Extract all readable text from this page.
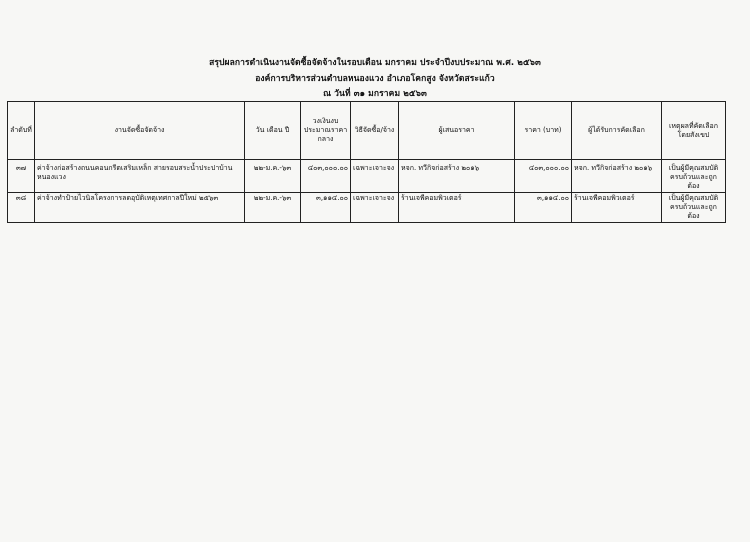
สรุปผลการดำเนินงานจัดซื้อจัดจ้างในรอบเดือน มกราคม ประจำปีงบประมาณ พ.ศ. ๒๕๖๓
องค์การบริหารส่วนตำบลหนองแวง อำเภอโคกสูง จังหวัดสระแก้ว
ณ วันที่ ๓๑ มกราคม ๒๕๖๓
ลำดับที่	งานจัดซื้อจัดจ้าง	วัน เดือน ปี	วงเงินงบประมาณราคากลาง	วิธีจัดซื้อ/จ้าง	ผู้เสนอราคา	ราคา (บาท)	ผู้ได้รับการคัดเลือก	เหตุผลที่คัดเลือกโดยสังเขป
๓๗	ค่าจ้างก่อสร้างถนนคอนกรีตเสริมเหล็ก สายรอบสระน้ำประปาบ้านหนองแวง	๒๒-ม.ค.-๖๓	๔๐๓,๐๐๐.๐๐	เฉพาะเจาะจง	หจก. ทวีกิจก่อสร้าง ๒๐๑๖	๔๐๓,๐๐๐.๐๐	หจก. ทวีกิจก่อสร้าง ๒๐๑๖	เป็นผู้มีคุณสมบัติครบถ้วนและถูกต้อง
๓๘	ค่าจ้างทำป้ายไวนิลโครงการลดอุบัติเหตุเทศกาลปีใหม่ ๒๕๖๓	๒๒-ม.ค.-๖๓	๓,๑๑๔.๐๐	เฉพาะเจาะจง	ร้านเจพีคอมพิวเตอร์	๓,๑๑๔.๐๐	ร้านเจพีคอมพิวเตอร์	เป็นผู้มีคุณสมบัติครบถ้วนและถูกต้อง
